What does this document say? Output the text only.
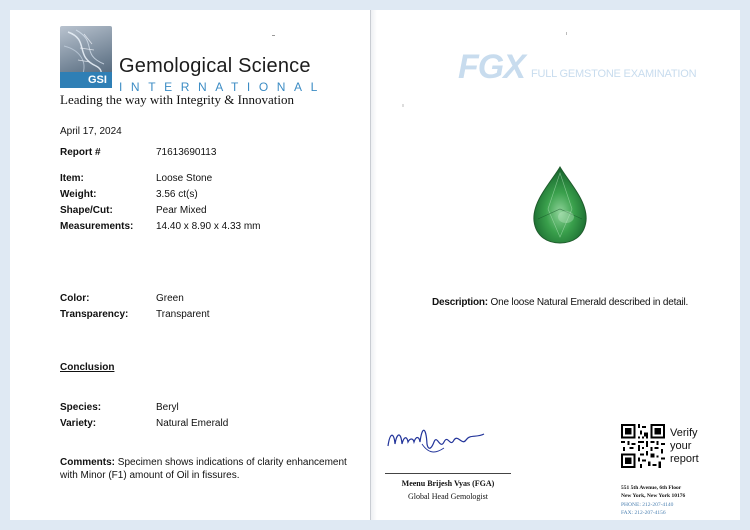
GSI
Gemological Science
INTERNATIONAL
Leading the way with Integrity & Innovation
April 17, 2024
Report #	71613690113
Item:	Loose Stone
Weight:	3.56 ct(s)
Shape/Cut:	Pear Mixed
Measurements: 14.40 x 8.90 x 4.33 mm
Color:	Green
Transparency:	Transparent
Conclusion
Species:	Beryl
Variety:	Natural Emerald
Comments: Specimen shows indications of clarity enhancement with Minor (F1) amount of Oil in fissures.
FGX FULL GEMSTONE EXAMINATION
Description: One loose Natural Emerald described in detail.
Meenu Brijesh Vyas (FGA)
Global Head Gemologist
Verify
your
report
551 5th Avenue, 6th Floor
New York, New York 10176
PHONE: 212-207-4140
FAX: 212-207-4156
